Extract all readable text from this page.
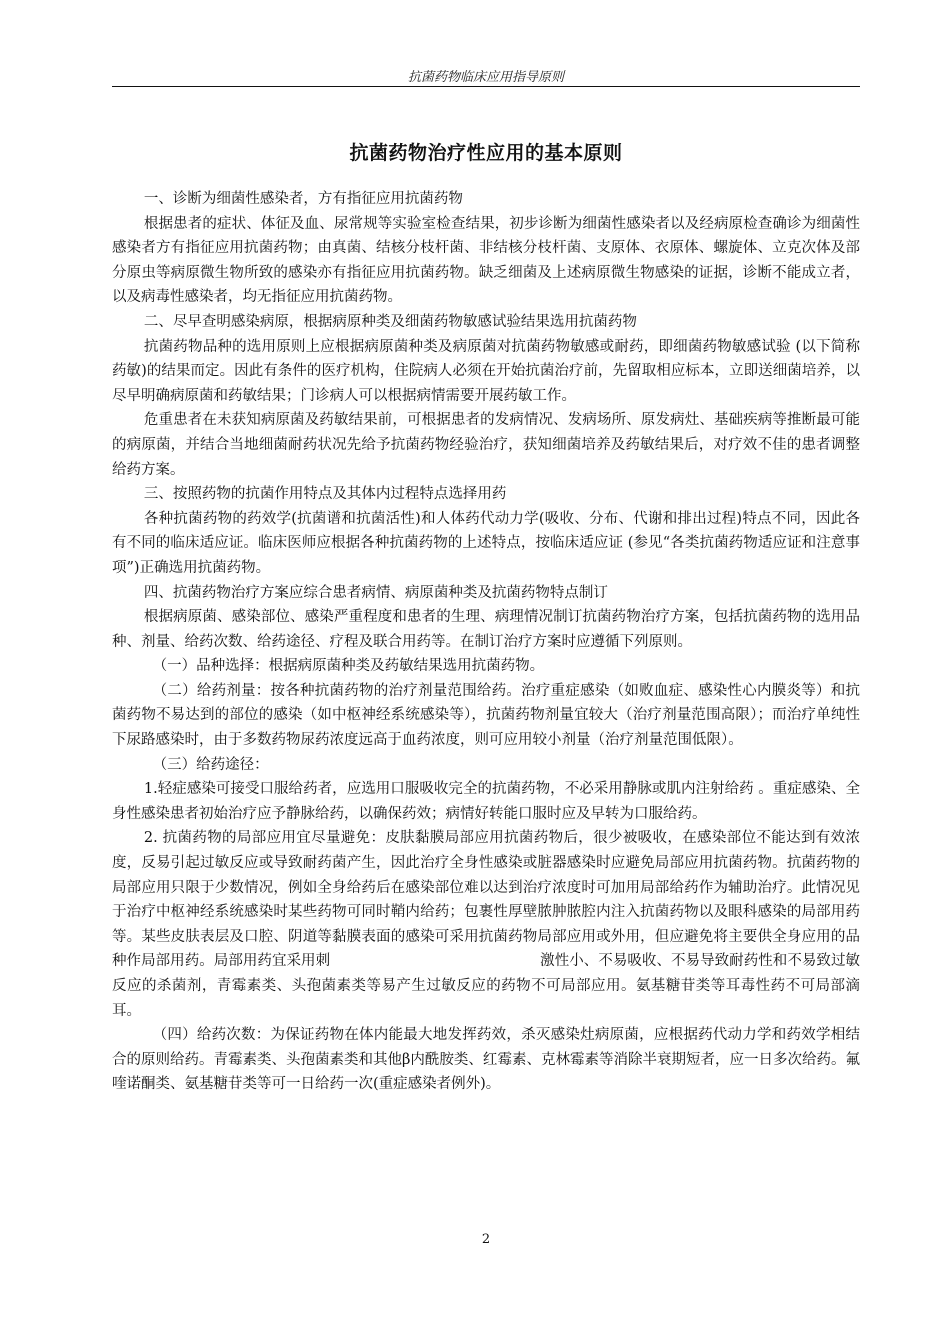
抗菌药物临床应用指导原则
抗菌药物治疗性应用的基本原则

一、诊断为细菌性感染者，方有指征应用抗菌药物

根据患者的症状、体征及血、尿常规等实验室检查结果，初步诊断为细菌性感染者以及经病原检查确诊为细菌性感染者方有指征应用抗菌药物；由真菌、结核分枝杆菌、非结核分枝杆菌、支原体、衣原体、螺旋体、立克次体及部分原虫等病原微生物所致的感染亦有指征应用抗菌药物。缺乏细菌及上述病原微生物感染的证据，诊断不能成立者，以及病毒性感染者，均无指征应用抗菌药物。

二、尽早查明感染病原，根据病原种类及细菌药物敏感试验结果选用抗菌药物

抗菌药物品种的选用原则上应根据病原菌种类及病原菌对抗菌药物敏感或耐药，即细菌药物敏感试验 (以下简称药敏)的结果而定。因此有条件的医疗机构，住院病人必须在开始抗菌治疗前，先留取相应标本，立即送细菌培养，以尽早明确病原菌和药敏结果；门诊病人可以根据病情需要开展药敏工作。

危重患者在未获知病原菌及药敏结果前，可根据患者的发病情况、发病场所、原发病灶、基础疾病等推断最可能的病原菌，并结合当地细菌耐药状况先给予抗菌药物经验治疗，获知细菌培养及药敏结果后，对疗效不佳的患者调整给药方案。

三、按照药物的抗菌作用特点及其体内过程特点选择用药

各种抗菌药物的药效学(抗菌谱和抗菌活性)和人体药代动力学(吸收、分布、代谢和排出过程)特点不同，因此各有不同的临床适应证。临床医师应根据各种抗菌药物的上述特点，按临床适应证 (参见“各类抗菌药物适应证和注意事项”)正确选用抗菌药物。

四、抗菌药物治疗方案应综合患者病情、病原菌种类及抗菌药物特点制订

根据病原菌、感染部位、感染严重程度和患者的生理、病理情况制订抗菌药物治疗方案，包括抗菌药物的选用品种、剂量、给药次数、给药途径、疗程及联合用药等。在制订治疗方案时应遵循下列原则。

（一）品种选择：根据病原菌种类及药敏结果选用抗菌药物。

（二）给药剂量：按各种抗菌药物的治疗剂量范围给药。治疗重症感染（如败血症、感染性心内膜炎等）和抗菌药物不易达到的部位的感染（如中枢神经系统感染等），抗菌药物剂量宜较大（治疗剂量范围高限）；而治疗单纯性下尿路感染时，由于多数药物尿药浓度远高于血药浓度，则可应用较小剂量（治疗剂量范围低限）。

（三）给药途径：

1.轻症感染可接受口服给药者，应选用口服吸收完全的抗菌药物，不必采用静脉或肌内注射给药 。重症感染、全身性感染患者初始治疗应予静脉给药，以确保药效；病情好转能口服时应及早转为口服给药。

2. 抗菌药物的局部应用宜尽量避免：皮肤黏膜局部应用抗菌药物后，很少被吸收，在感染部位不能达到有效浓度，反易引起过敏反应或导致耐药菌产生，因此治疗全身性感染或脏器感染时应避免局部应用抗菌药物。抗菌药物的局部应用只限于少数情况，例如全身给药后在感染部位难以达到治疗浓度时可加用局部给药作为辅助治疗。此情况见于治疗中枢神经系统感染时某些药物可同时鞘内给药；包裹性厚壁脓肿脓腔内注入抗菌药物以及眼科感染的局部用药等。某些皮肤表层及口腔、阴道等黏膜表面的感染可采用抗菌药物局部应用或外用，但应避免将主要供全身应用的品种作局部用药。局部用药宜采用刺	激性小、不易吸收、不易导致耐药性和不易致过敏反应的杀菌剂，青霉素类、头孢菌素类等易产生过敏反应的药物不可局部应用。氨基糖苷类等耳毒性药不可局部滴耳。

（四）给药次数：为保证药物在体内能最大地发挥药效，杀灭感染灶病原菌，应根据药代动力学和药效学相结合的原则给药。青霉素类、头孢菌素类和其他β内酰胺类、红霉素、克林霉素等消除半衰期短者，应一日多次给药。氟喹诺酮类、氨基糖苷类等可一日给药一次(重症感染者例外)。

2
